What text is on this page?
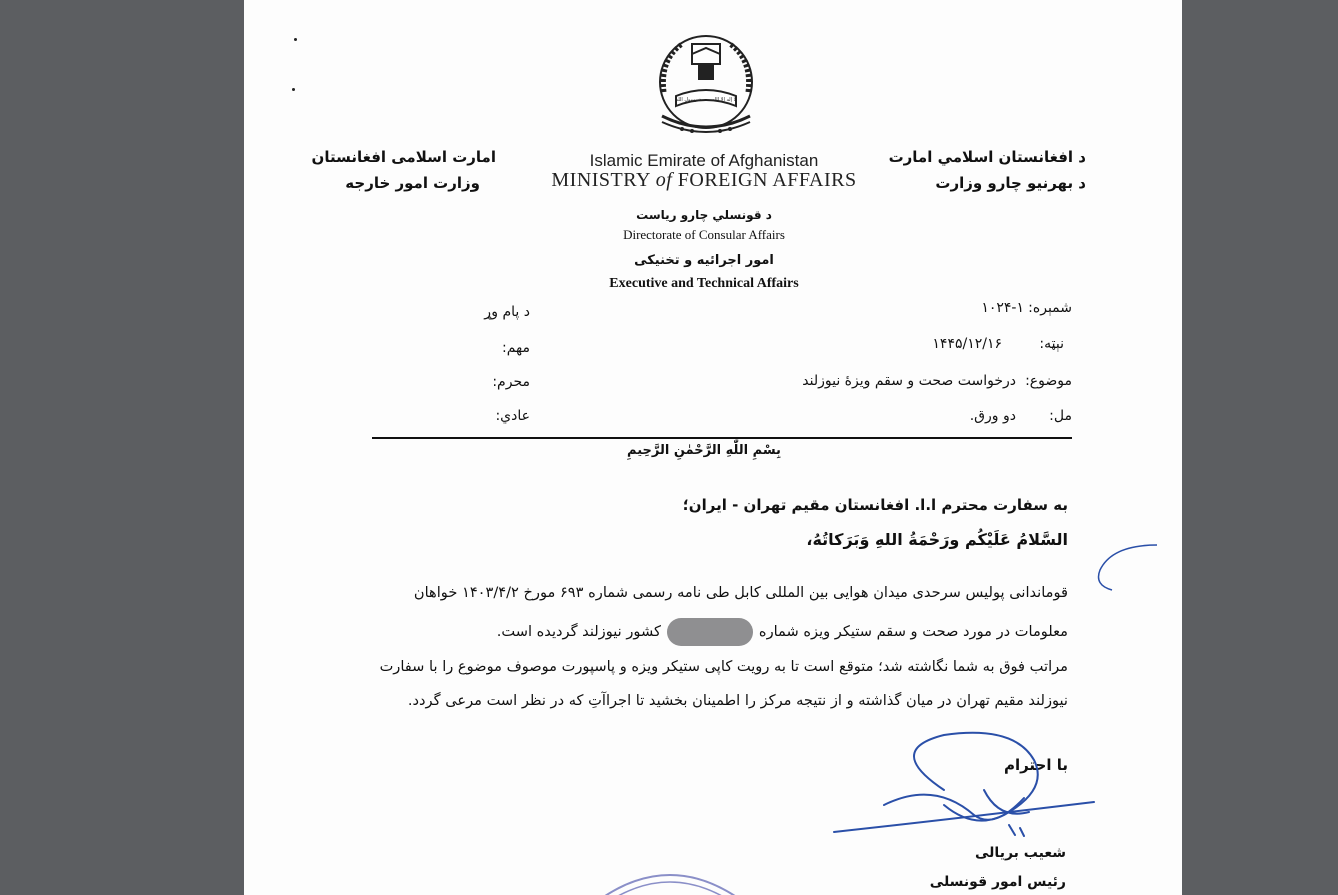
لا إله إلا الله محمد رسول الله
Islamic Emirate of Afghanistan
MINISTRY of FOREIGN AFFAIRS
د افغانستان اسلامي امارت
د بهرنيو چارو وزارت
امارت اسلامی افغانستان
وزارت امور خارجه
د قونسلي چارو رياست
Directorate of Consular Affairs
امور اجرائیه و تخنیکی
Executive and Technical Affairs
شمېره:
نېټه:
موضوع:
مل:
۱۰۲۴-۱
۱۴۴۵/۱۲/۱۶
درخواست صحت و سقم ویزهٔ نیوزلند
دو ورق.
د پام وړ
مهم:
محرم:
عادي:
بِسْمِ اللّٰهِ الرَّحْمٰنِ الرَّحِيمِ
به سفارت محترم ا.ا. افغانستان مقیم تهران - ایران؛
السَّلامُ عَلَيْكُم ورَحْمَةُ اللهِ وَبَرَكاتُهُ،
قوماندانی پولیس سرحدی میدان هوایی بین المللی کابل طی نامه رسمی شماره ۶۹۳ مورخ ۱۴۰۳/۴/۲ خواهان
معلومات در مورد صحت و سقم ستیکر ویزه شمارهکشور نیوزلند گردیده است.
مراتب فوق به شما نگاشته شد؛ متوقع است تا به رویت کاپی ستیکر ویزه و پاسپورت موصوف موضوع را با سفارت
نیوزلند مقیم تهران در میان گذاشته و از نتیجه مرکز را اطمینان بخشید تا اجراآتِ که در نظر است مرعی گردد.
با احترام
شعیب بریالی
رئیس امور قونسلی
